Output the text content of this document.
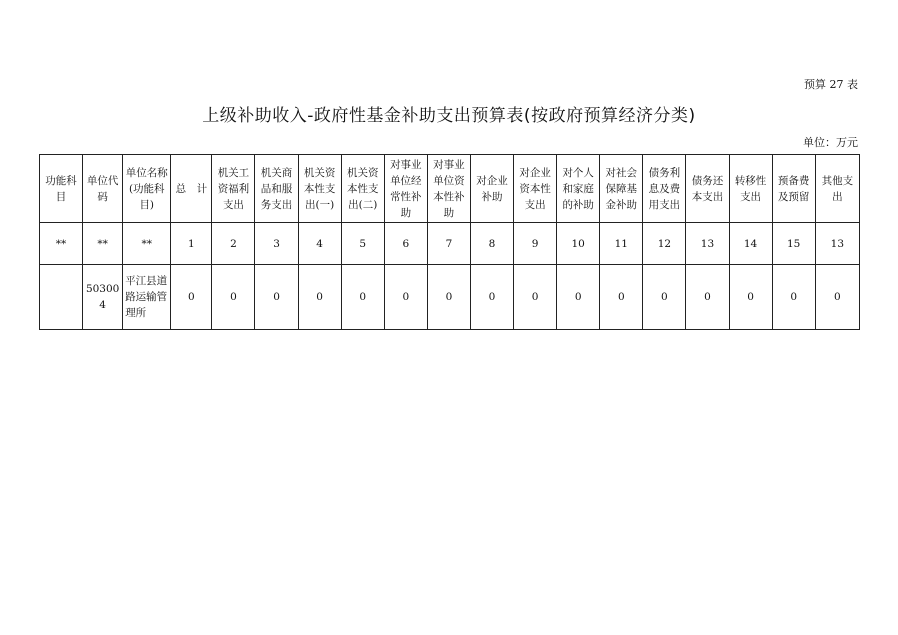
预算 27 表
上级补助收入-政府性基金补助支出预算表(按政府预算经济分类)
单位：万元
功能科目	单位代码	单位名称(功能科目)	总　计	机关工资福利支出	机关商品和服务支出	机关资本性支出(一)	机关资本性支出(二)	对事业单位经常性补助	对事业单位资本性补助	对企业补助	对企业资本性支出	对个人和家庭的补助	对社会保障基金补助	债务利息及费用支出	债务还本支出	转移性支出	预备费及预留	其他支出
**	**	**	1	2	3	4	5	6	7	8	9	10	11	12	13	14	15	13
	503004	平江县道路运输管理所	0	0	0	0	0	0	0	0	0	0	0	0	0	0	0	0
